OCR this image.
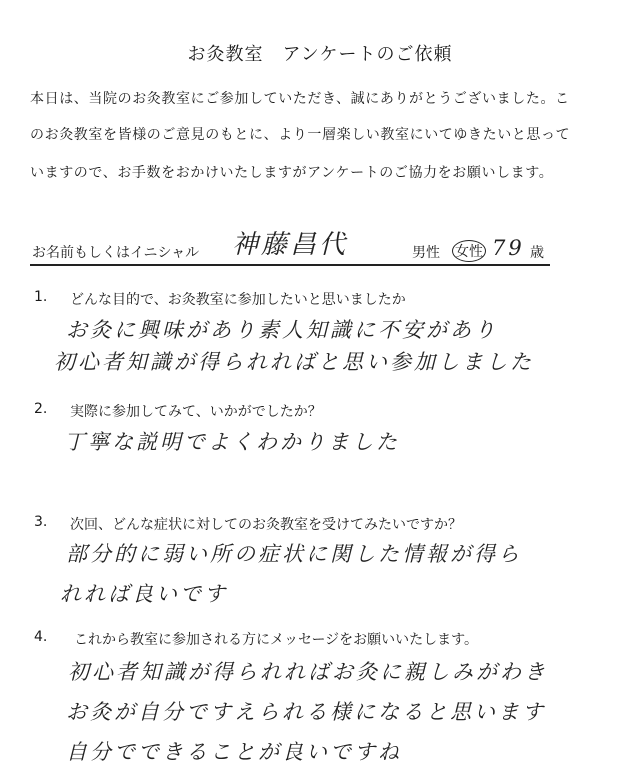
お灸教室　アンケートのご依頼
本日は、当院のお灸教室にご参加していただき、誠にありがとうございました。こ
のお灸教室を皆様のご意見のもとに、より一層楽しい教室にいてゆきたいと思って
いますので、お手数をおかけいたしますがアンケートのご協力をお願いします。
お名前もしくはイニシャル 神藤昌代	男性 女性 79 歳
1. どんな目的で、お灸教室に参加したいと思いましたか
お灸に興味があり素人知識に不安があり
初心者知識が得られればと思い参加しました
2. 実際に参加してみて、いかがでしたか？
丁寧な説明でよくわかりました
3. 次回、どんな症状に対してのお灸教室を受けてみたいですか？
部分的に弱い所の症状に関した情報が得ら
れれば良いです
4. これから教室に参加される方にメッセージをお願いいたします。
初心者知識が得られればお灸に親しみがわき
お灸が自分ですえられる様になると思います
自分でできることが良いですね
